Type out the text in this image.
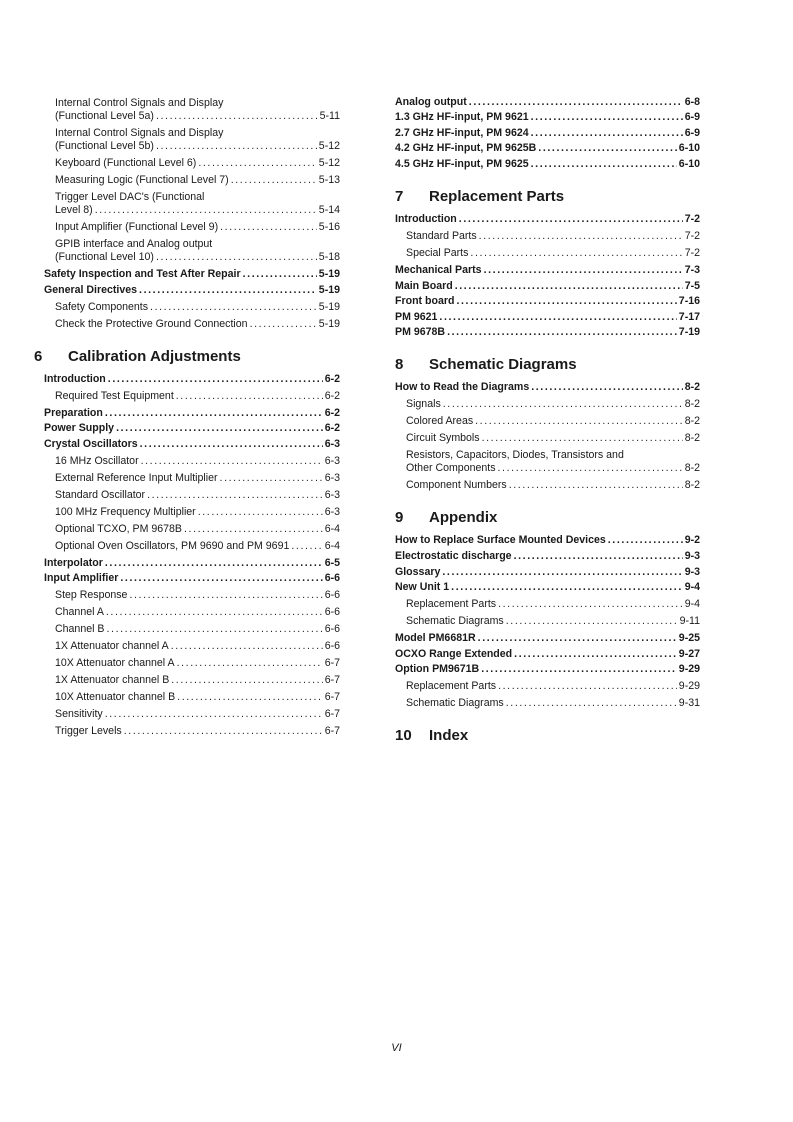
Internal Control Signals and Display
(Functional Level 5a) .....	5-11
Internal Control Signals and Display
(Functional Level 5b) .....	5-12
Keyboard (Functional Level 6) .....	5-12
Measuring Logic (Functional Level 7) .....	5-13
Trigger Level DAC's (Functional
Level 8) .....	5-14
Input Amplifier (Functional Level 9) .....	5-16
GPIB interface and Analog output
(Functional Level 10) .....	5-18
Safety Inspection and Test After Repair .....	5-19
General Directives .....	5-19
Safety Components .....	5-19
Check the Protective Ground Connection .....	5-19
6	Calibration Adjustments
Introduction .....	6-2
Required Test Equipment .....	6-2
Preparation .....	6-2
Power Supply .....	6-2
Crystal Oscillators .....	6-3
16 MHz Oscillator .....	6-3
External Reference Input Multiplier .....	6-3
Standard Oscillator .....	6-3
100 MHz Frequency Multiplier .....	6-3
Optional TCXO, PM 9678B .....	6-4
Optional Oven Oscillators, PM 9690 and PM 9691 .....	6-4
Interpolator .....	6-5
Input Amplifier .....	6-6
Step Response .....	6-6
Channel A .....	6-6
Channel B .....	6-6
1X Attenuator channel A .....	6-6
10X Attenuator channel A .....	6-7
1X Attenuator channel B .....	6-7
10X Attenuator channel B .....	6-7
Sensitivity .....	6-7
Trigger Levels .....	6-7
Analog output .....	6-8
1.3 GHz HF-input, PM 9621 .....	6-9
2.7 GHz HF-input, PM 9624 .....	6-9
4.2 GHz HF-input, PM 9625B .....	6-10
4.5 GHz HF-input, PM 9625 .....	6-10
7	Replacement Parts
Introduction .....	7-2
Standard Parts .....	7-2
Special Parts .....	7-2
Mechanical Parts .....	7-3
Main Board .....	7-5
Front board .....	7-16
PM 9621 .....	7-17
PM 9678B .....	7-19
8	Schematic Diagrams
How to Read the Diagrams .....	8-2
Signals .....	8-2
Colored Areas .....	8-2
Circuit Symbols .....	8-2
Resistors, Capacitors, Diodes, Transistors and
Other Components .....	8-2
Component Numbers .....	8-2
9	Appendix
How to Replace Surface Mounted Devices .....	9-2
Electrostatic discharge .....	9-3
Glossary .....	9-3
New Unit 1 .....	9-4
Replacement Parts .....	9-4
Schematic Diagrams .....	9-11
Model PM6681R .....	9-25
OCXO Range Extended .....	9-27
Option PM9671B .....	9-29
Replacement Parts .....	9-29
Schematic Diagrams .....	9-31
10	Index
VI
